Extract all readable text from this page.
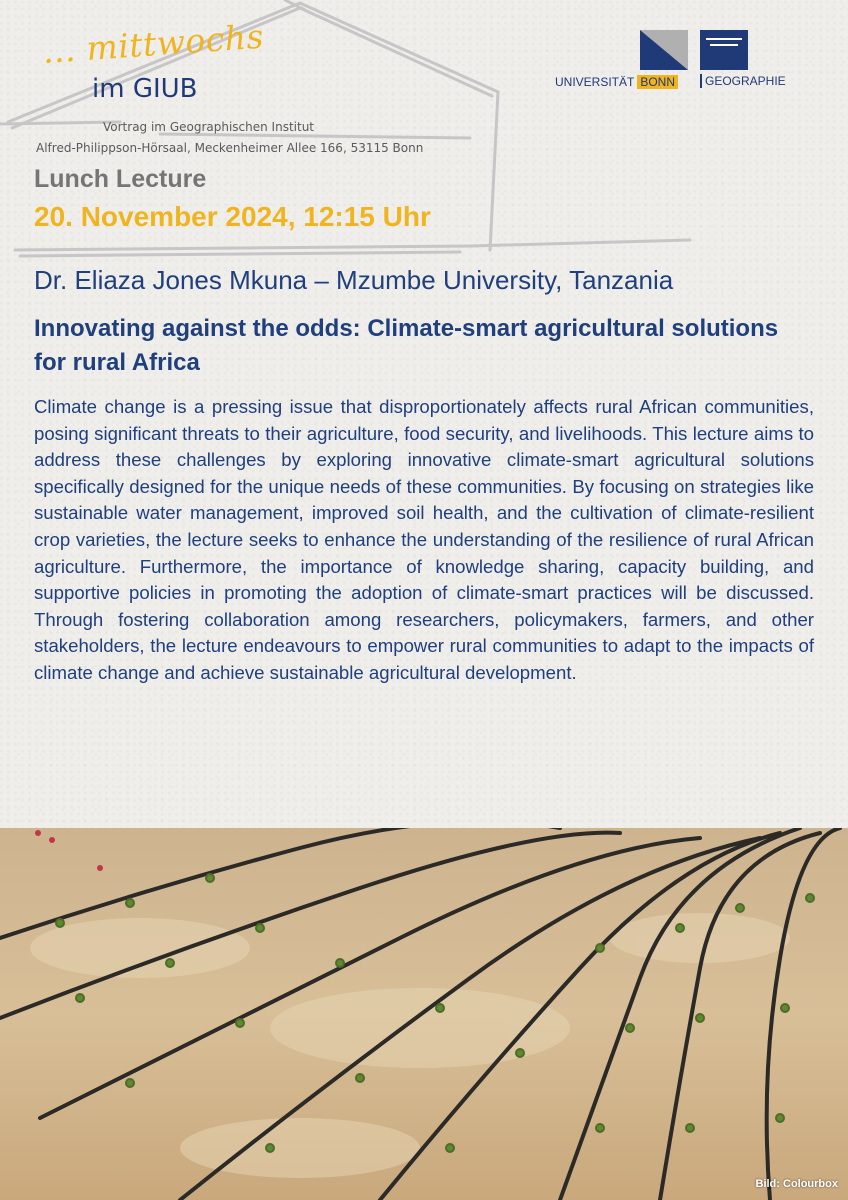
... mittwochs
im GIUB
Vortrag im Geographischen Institut
Alfred-Philippson-Hörsaal, Meckenheimer Allee 166, 53115 Bonn
UNIVERSITÄT BONN	GEOGRAPHIE
Lunch Lecture
20. November 2024, 12:15 Uhr
Dr. Eliaza Jones Mkuna – Mzumbe University, Tanzania
Innovating against the odds: Climate-smart agricultural solutions for rural Africa

Climate change is a pressing issue that disproportionately affects rural African communities, posing significant threats to their agriculture, food security, and livelihoods. This lecture aims to address these challenges by exploring innovative climate-smart agricultural solutions specifically designed for the unique needs of these communities. By focusing on strategies like sustainable water management, improved soil health, and the cultivation of climate-resilient crop varieties, the lecture seeks to enhance the understanding of the resilience of rural African agriculture. Furthermore, the importance of knowledge sharing, capacity building, and supportive policies in promoting the adoption of climate-smart practices will be discussed. Through fostering collaboration among researchers, policymakers, farmers, and other stakeholders, the lecture endeavours to empower rural communities to adapt to the impacts of climate change and achieve sustainable agricultural development.

Bild: Colourbox
